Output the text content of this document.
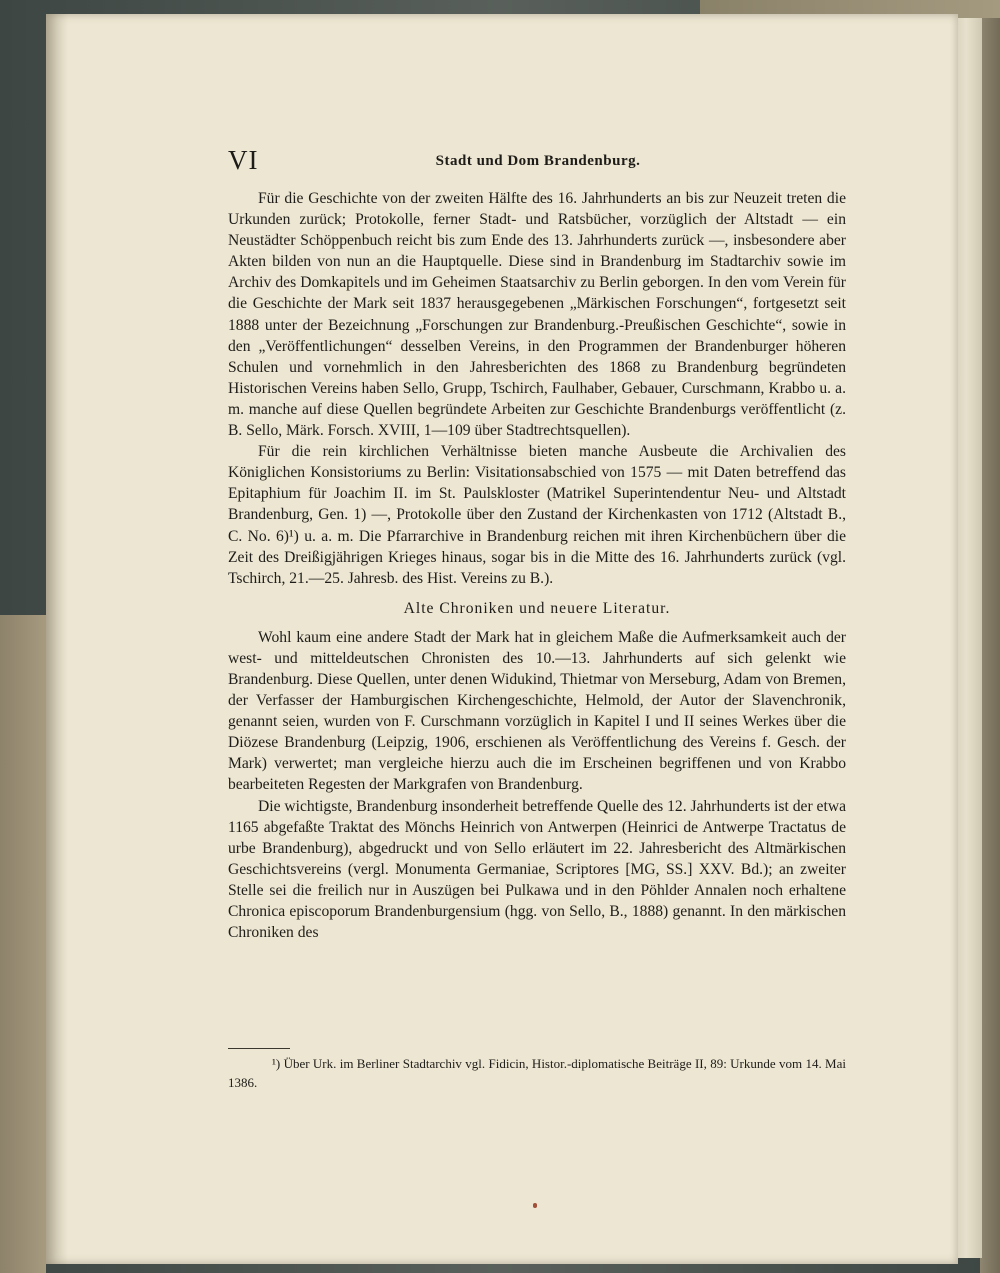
VI	Stadt und Dom Brandenburg.

Für die Geschichte von der zweiten Hälfte des 16. Jahrhunderts an bis zur Neuzeit treten die Urkunden zurück; Protokolle, ferner Stadt- und Ratsbücher, vorzüglich der Altstadt — ein Neustädter Schöppenbuch reicht bis zum Ende des 13. Jahrhunderts zurück —, insbesondere aber Akten bilden von nun an die Hauptquelle. Diese sind in Brandenburg im Stadtarchiv sowie im Archiv des Domkapitels und im Geheimen Staatsarchiv zu Berlin geborgen. In den vom Verein für die Geschichte der Mark seit 1837 herausgegebenen „Märkischen Forschungen“, fortgesetzt seit 1888 unter der Bezeichnung „Forschungen zur Brandenburg.-Preußischen Geschichte“, sowie in den „Veröffentlichungen“ desselben Vereins, in den Programmen der Brandenburger höheren Schulen und vornehmlich in den Jahresberichten des 1868 zu Brandenburg begründeten Historischen Vereins haben Sello, Grupp, Tschirch, Faulhaber, Gebauer, Curschmann, Krabbo u. a. m. manche auf diese Quellen begründete Arbeiten zur Geschichte Brandenburgs veröffentlicht (z. B. Sello, Märk. Forsch. XVIII, 1—109 über Stadtrechtsquellen).

Für die rein kirchlichen Verhältnisse bieten manche Ausbeute die Archivalien des Königlichen Konsistoriums zu Berlin: Visitationsabschied von 1575 — mit Daten betreffend das Epitaphium für Joachim II. im St. Paulskloster (Matrikel Superintendentur Neu- und Altstadt Brandenburg, Gen. 1) —, Protokolle über den Zustand der Kirchenkasten von 1712 (Altstadt B., C. No. 6)¹) u. a. m. Die Pfarrarchive in Brandenburg reichen mit ihren Kirchenbüchern über die Zeit des Dreißigjährigen Krieges hinaus, sogar bis in die Mitte des 16. Jahrhunderts zurück (vgl. Tschirch, 21.—25. Jahresb. des Hist. Vereins zu B.).

Alte Chroniken und neuere Literatur.

Wohl kaum eine andere Stadt der Mark hat in gleichem Maße die Aufmerksamkeit auch der west- und mitteldeutschen Chronisten des 10.—13. Jahrhunderts auf sich gelenkt wie Brandenburg. Diese Quellen, unter denen Widukind, Thietmar von Merseburg, Adam von Bremen, der Verfasser der Hamburgischen Kirchengeschichte, Helmold, der Autor der Slavenchronik, genannt seien, wurden von F. Curschmann vorzüglich in Kapitel I und II seines Werkes über die Diözese Brandenburg (Leipzig, 1906, erschienen als Veröffentlichung des Vereins f. Gesch. der Mark) verwertet; man vergleiche hierzu auch die im Erscheinen begriffenen und von Krabbo bearbeiteten Regesten der Markgrafen von Brandenburg.

Die wichtigste, Brandenburg insonderheit betreffende Quelle des 12. Jahrhunderts ist der etwa 1165 abgefaßte Traktat des Mönchs Heinrich von Antwerpen (Heinrici de Antwerpe Tractatus de urbe Brandenburg), abgedruckt und von Sello erläutert im 22. Jahresbericht des Altmärkischen Geschichtsvereins (vergl. Monumenta Germaniae, Scriptores [MG, SS.] XXV. Bd.); an zweiter Stelle sei die freilich nur in Auszügen bei Pulkawa und in den Pöhlder Annalen noch erhaltene Chronica episcoporum Brandenburgensium (hgg. von Sello, B., 1888) genannt. In den märkischen Chroniken des

¹) Über Urk. im Berliner Stadtarchiv vgl. Fidicin, Histor.-diplomatische Beiträge II, 89: Urkunde vom 14. Mai 1386.
